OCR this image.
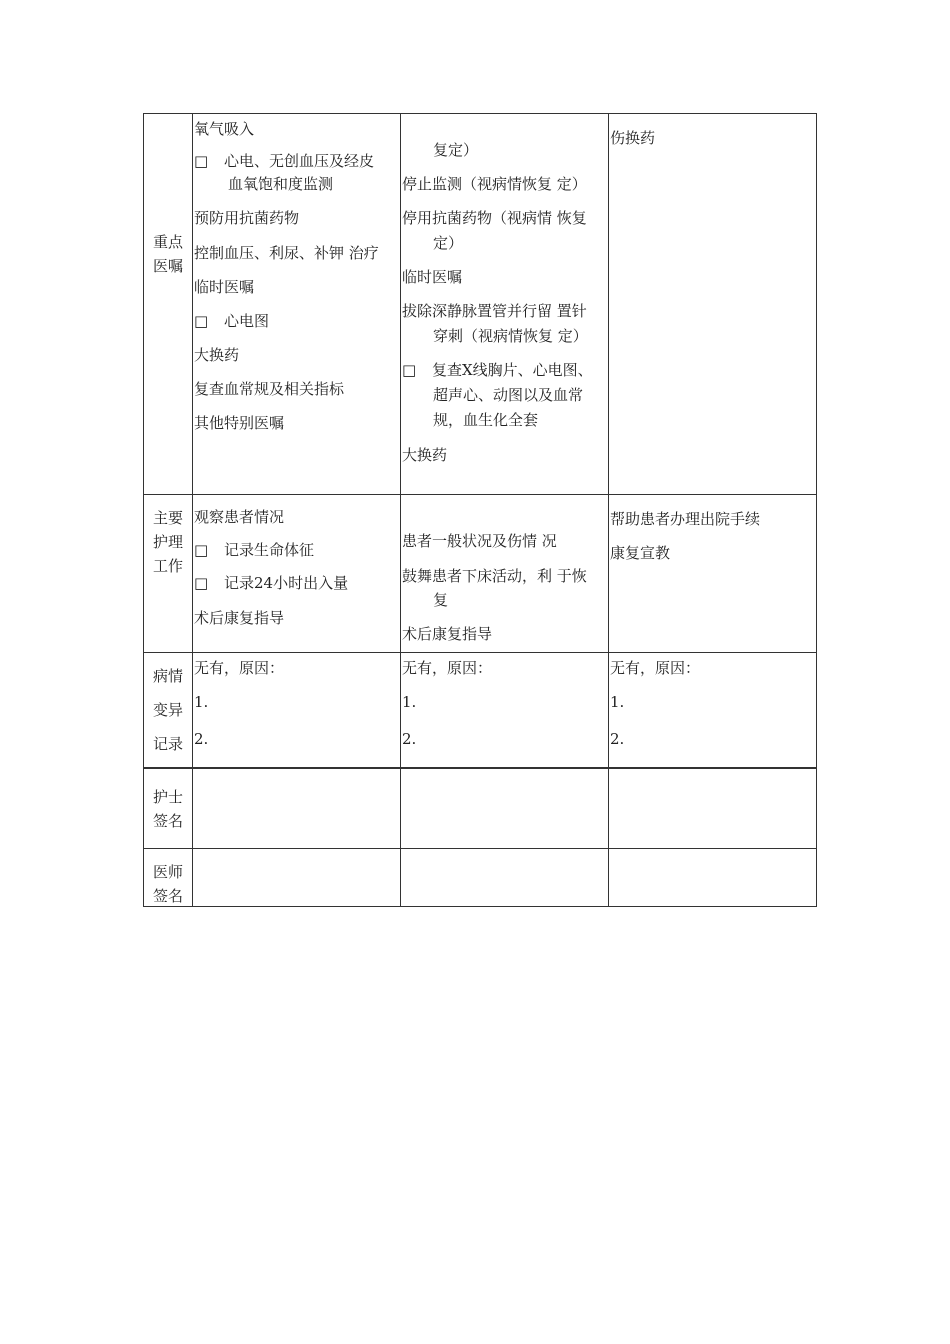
重点
医嘱
氧气吸入
□ 心电、无创血压及经皮
血氧饱和度监测
预防用抗菌药物
控制血压、利尿、补钾 治疗
临时医嘱
□ 心电图
大换药
复查血常规及相关指标
其他特别医嘱
复定）
停止监测（视病情恢复 定）
停用抗菌药物（视病情 恢复
定）
临时医嘱
拔除深静脉置管并行留 置针
穿刺（视病情恢复 定）
□ 复查X线胸片、心电图、
超声心、动图以及血常
规，血生化全套
大换药
伤换药
主要
护理
工作
观察患者情况
□ 记录生命体征
□ 记录24小时出入量
术后康复指导
患者一般状况及伤情 况
鼓舞患者下床活动，利 于恢
复
术后康复指导
帮助患者办理出院手续
康复宣教
病情
变异
记录
无有，原因：
1.
2.
无有，原因：
1.
2.
无有，原因：
1.
2.
护士
签名
医师
签名
